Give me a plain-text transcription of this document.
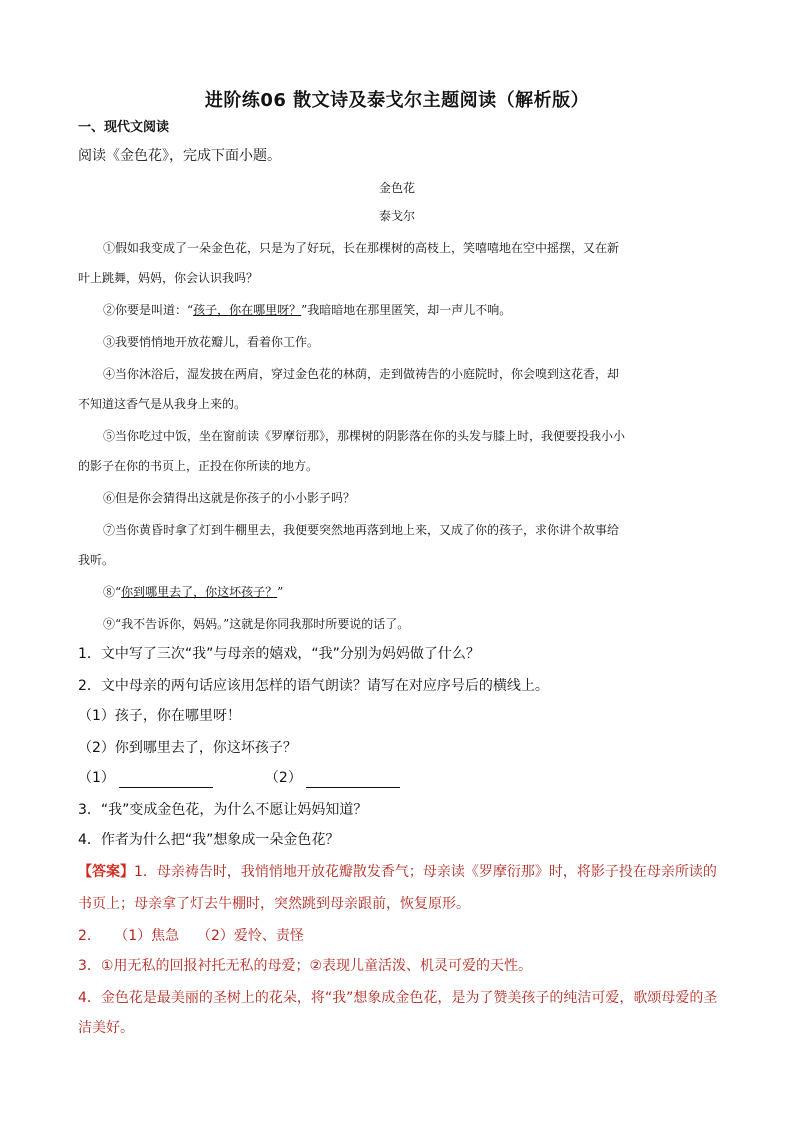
进阶练06 散文诗及泰戈尔主题阅读（解析版）
一、现代文阅读
阅读《金色花》，完成下面小题。
金色花
泰戈尔
①假如我变成了一朵金色花，只是为了好玩，长在那棵树的高枝上，笑嘻嘻地在空中摇摆，又在新
叶上跳舞，妈妈，你会认识我吗？
②你要是叫道：“孩子，你在哪里呀？”我暗暗地在那里匿笑，却一声儿不响。
③我要悄悄地开放花瓣儿，看着你工作。
④当你沐浴后，湿发披在两肩，穿过金色花的林荫，走到做祷告的小庭院时，你会嗅到这花香，却
不知道这香气是从我身上来的。
⑤当你吃过中饭，坐在窗前读《罗摩衍那》，那棵树的阴影落在你的头发与膝上时，我便要投我小小
的影子在你的书页上，正投在你所读的地方。
⑥但是你会猜得出这就是你孩子的小小影子吗？
⑦当你黄昏时拿了灯到牛棚里去，我便要突然地再落到地上来，又成了你的孩子，求你讲个故事给
我听。
⑧“你到哪里去了，你这坏孩子？”
⑨“我不告诉你，妈妈。”这就是你同我那时所要说的话了。
1．文中写了三次“我”与母亲的嬉戏，“我”分别为妈妈做了什么？
2．文中母亲的两句话应该用怎样的语气朗读？请写在对应序号后的横线上。
（1）孩子，你在哪里呀！
（2）你到哪里去了，你这坏孩子？
（1）	（2）
3．“我”变成金色花，为什么不愿让妈妈知道？
4．作者为什么把“我”想象成一朵金色花？
【答案】1．母亲祷告时，我悄悄地开放花瓣散发香气；母亲读《罗摩衍那》时，将影子投在母亲所读的
书页上；母亲拿了灯去牛棚时，突然跳到母亲跟前，恢复原形。
2．   （1）焦急    （2）爱怜、责怪
3．①用无私的回报衬托无私的母爱；②表现儿童活泼、机灵可爱的天性。
4．金色花是最美丽的圣树上的花朵，将“我”想象成金色花，是为了赞美孩子的纯洁可爱，歌颂母爱的圣
洁美好。
